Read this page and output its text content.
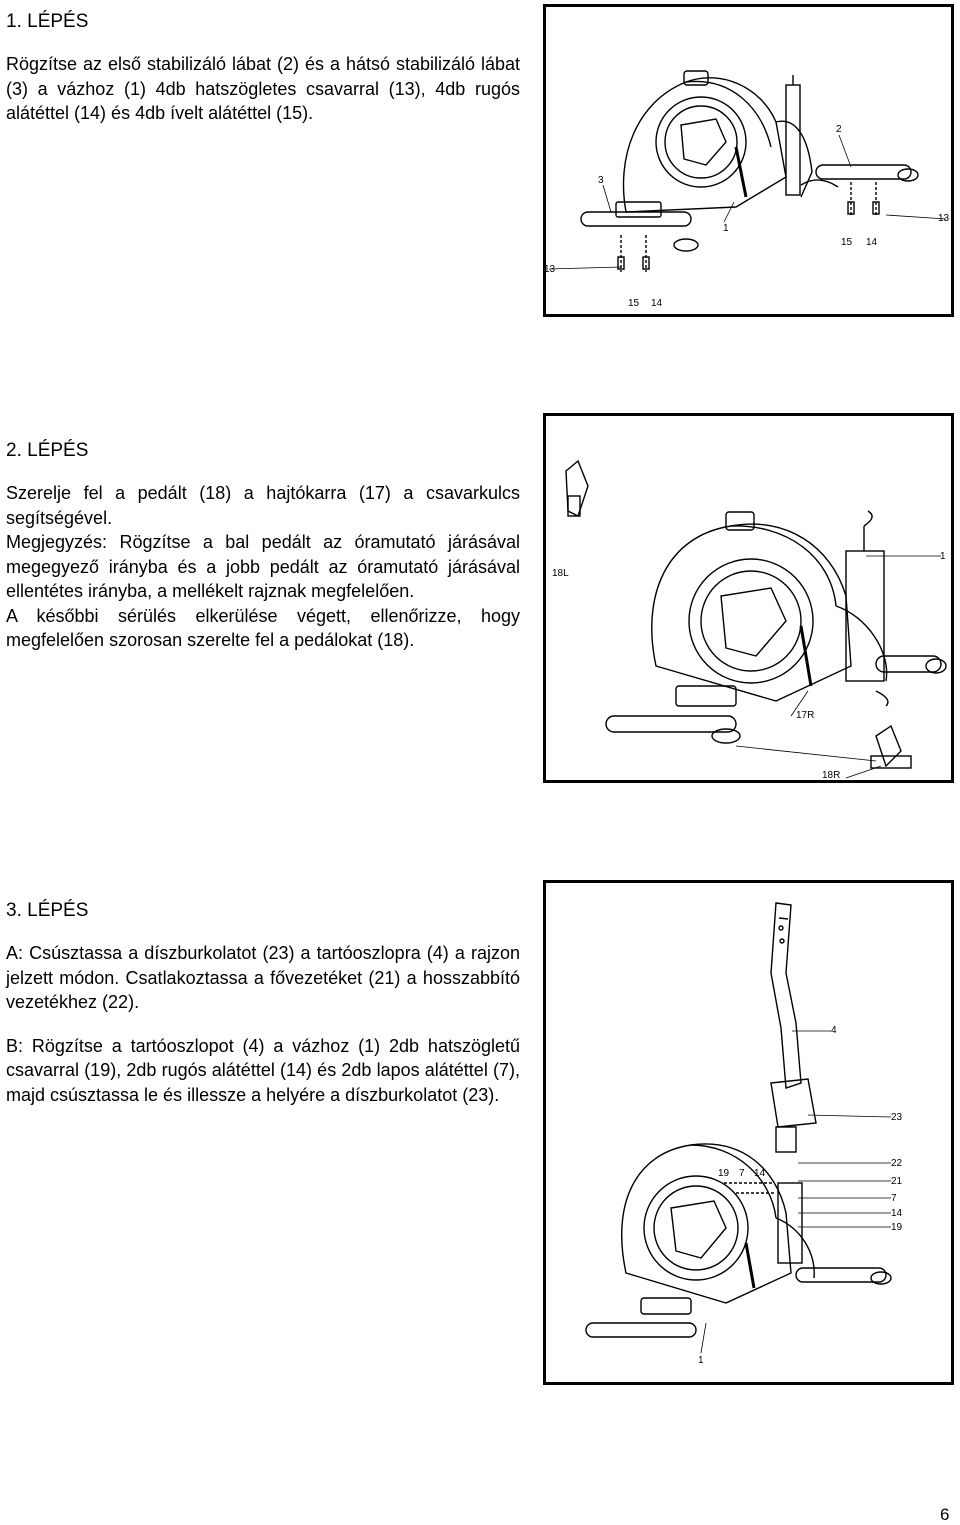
1. LÉPÉS

Rögzítse az első stabilizáló lábat (2) és a hátsó stabilizáló lábat (3) a vázhoz (1) 4db hatszögletes csavarral (13), 4db rugós alátéttel (14) és 4db ívelt alátéttel (15).

3
2
1
15 14
13
13
15 14
2. LÉPÉS

Szerelje fel a pedált (18) a hajtókarra (17) a csavarkulcs segítségével.

Megjegyzés: Rögzítse a bal pedált az óramutató járásával megegyező irányba és a jobb pedált az óramutató járásával ellentétes irányba, a mellékelt rajznak megfelelően.

A későbbi sérülés elkerülése végett, ellenőrizze, hogy megfelelően szorosan szerelte fel a pedálokat (18).

18L
1
17R
18R
3. LÉPÉS

A: Csúsztassa a díszburkolatot (23) a tartóoszlopra (4) a rajzon jelzett módon. Csatlakoztassa a fővezetéket (21) a hosszabbító vezetékhez (22).

B: Rögzítse a tartóoszlopot (4) a vázhoz (1) 2db hatszögletű csavarral (19), 2db rugós alátéttel (14) és 2db lapos alátéttel (7), majd csúsztassa le és illessze a helyére a díszburkolatot (23).

4
23
19 7 14
22
21
7
14
19
1
6
